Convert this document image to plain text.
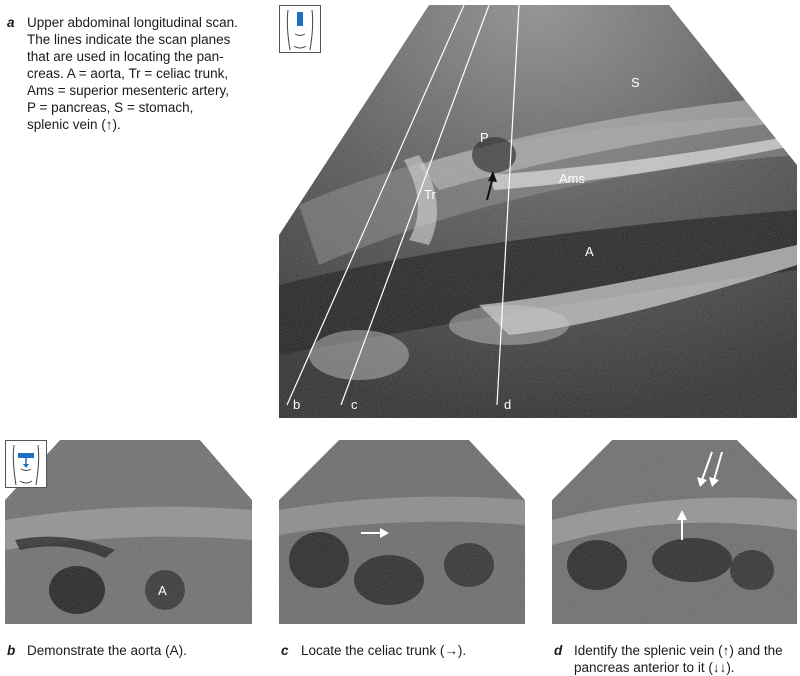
a Upper abdominal longitudinal scan.
The lines indicate the scan planes
that are used in locating the pan-
creas. A = aorta, Tr = celiac trunk,
Ams = superior mesenteric artery,
P = pancreas, S = stomach,
splenic vein (↑).
S
P
Tr
Ams
A
b	c	d
A
b Demonstrate the aorta (A).	c Locate the celiac trunk (→).	d Identify the splenic vein (↑) and the
pancreas anterior to it (↓↓).
